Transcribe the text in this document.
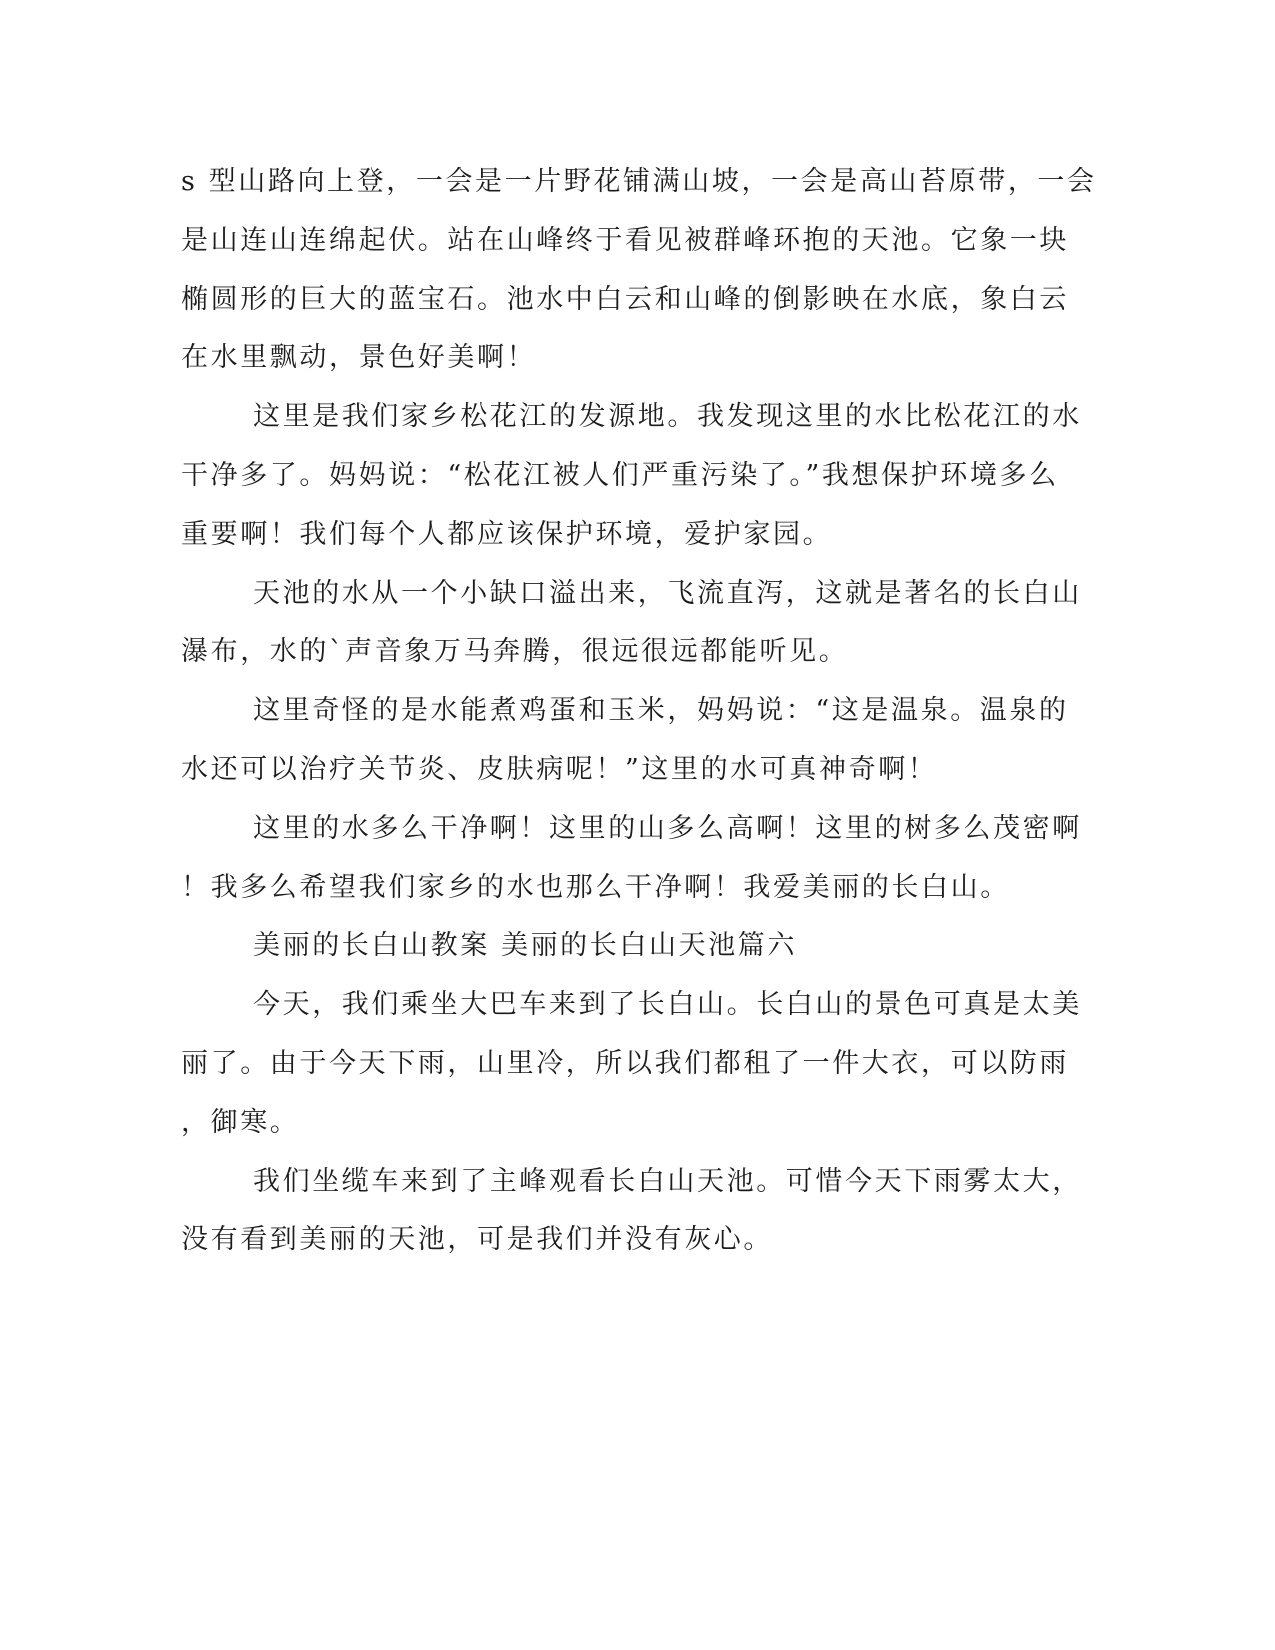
s 型山路向上登，一会是一片野花铺满山坡，一会是高山苔原带，一会
是山连山连绵起伏。站在山峰终于看见被群峰环抱的天池。它象一块
椭圆形的巨大的蓝宝石。池水中白云和山峰的倒影映在水底，象白云
在水里飘动，景色好美啊！
这里是我们家乡松花江的发源地。我发现这里的水比松花江的水
干净多了。妈妈说：“松花江被人们严重污染了。”我想保护环境多么
重要啊！我们每个人都应该保护环境，爱护家园。
天池的水从一个小缺口溢出来，飞流直泻，这就是著名的长白山
瀑布，水的`声音象万马奔腾，很远很远都能听见。
这里奇怪的是水能煮鸡蛋和玉米，妈妈说：“这是温泉。温泉的
水还可以治疗关节炎、皮肤病呢！”这里的水可真神奇啊！
这里的水多么干净啊！这里的山多么高啊！这里的树多么茂密啊
！我多么希望我们家乡的水也那么干净啊！我爱美丽的长白山。
美丽的长白山教案 美丽的长白山天池篇六
今天，我们乘坐大巴车来到了长白山。长白山的景色可真是太美
丽了。由于今天下雨，山里冷，所以我们都租了一件大衣，可以防雨
，御寒。
我们坐缆车来到了主峰观看长白山天池。可惜今天下雨雾太大，
没有看到美丽的天池，可是我们并没有灰心。
